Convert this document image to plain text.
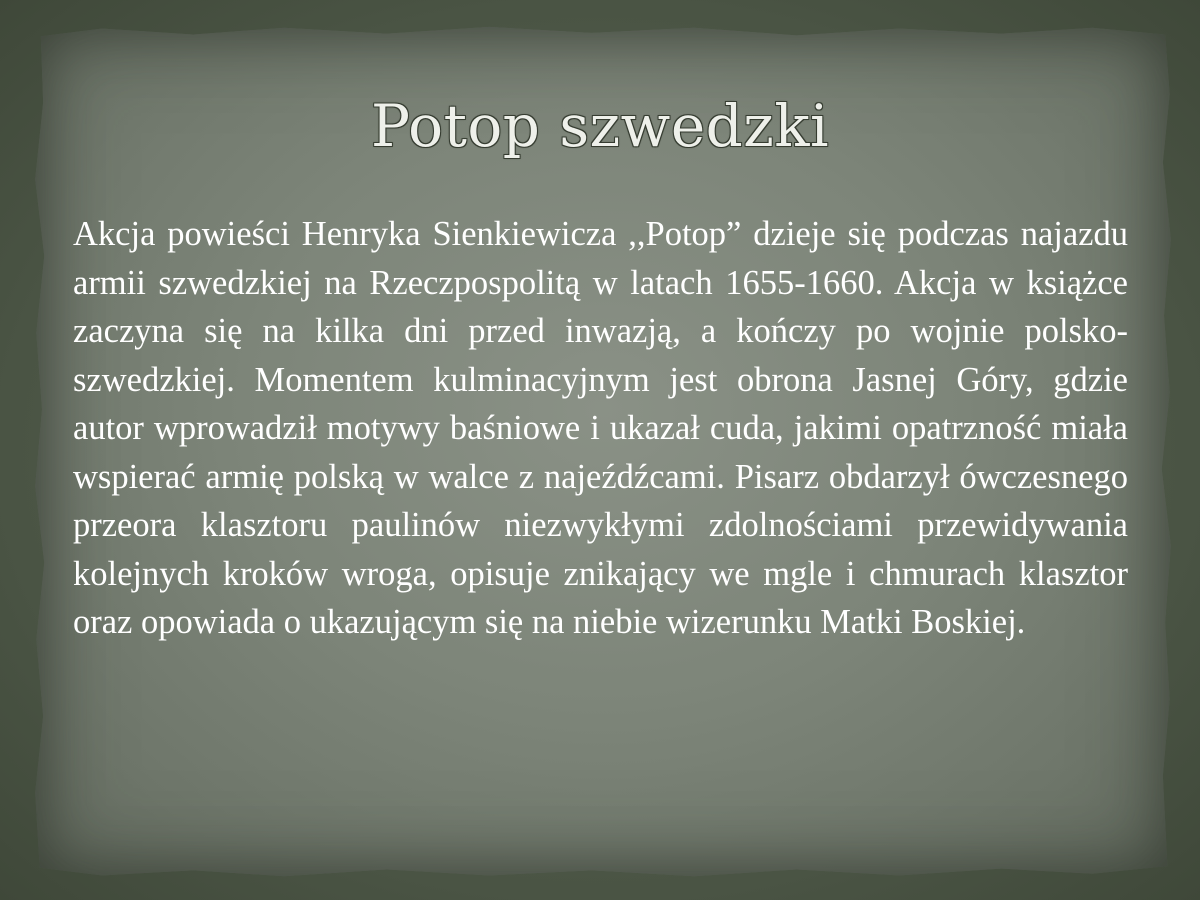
Potop szwedzki

Akcja powieści Henryka Sienkiewicza ,,Potop” dzieje się podczas najazdu armii szwedzkiej na Rzeczpospolitą w latach 1655-1660. Akcja w książce zaczyna się na kilka dni przed inwazją, a kończy po wojnie polsko-szwedzkiej. Momentem kulminacyjnym jest obrona Jasnej Góry, gdzie autor wprowadził motywy baśniowe i ukazał cuda, jakimi opatrzność miała wspierać armię polską w walce z najeźdźcami. Pisarz obdarzył ówczesnego przeora klasztoru paulinów niezwykłymi zdolnościami przewidywania kolejnych kroków wroga, opisuje znikający we mgle i chmurach klasztor oraz opowiada o ukazującym się na niebie wizerunku Matki Boskiej.
